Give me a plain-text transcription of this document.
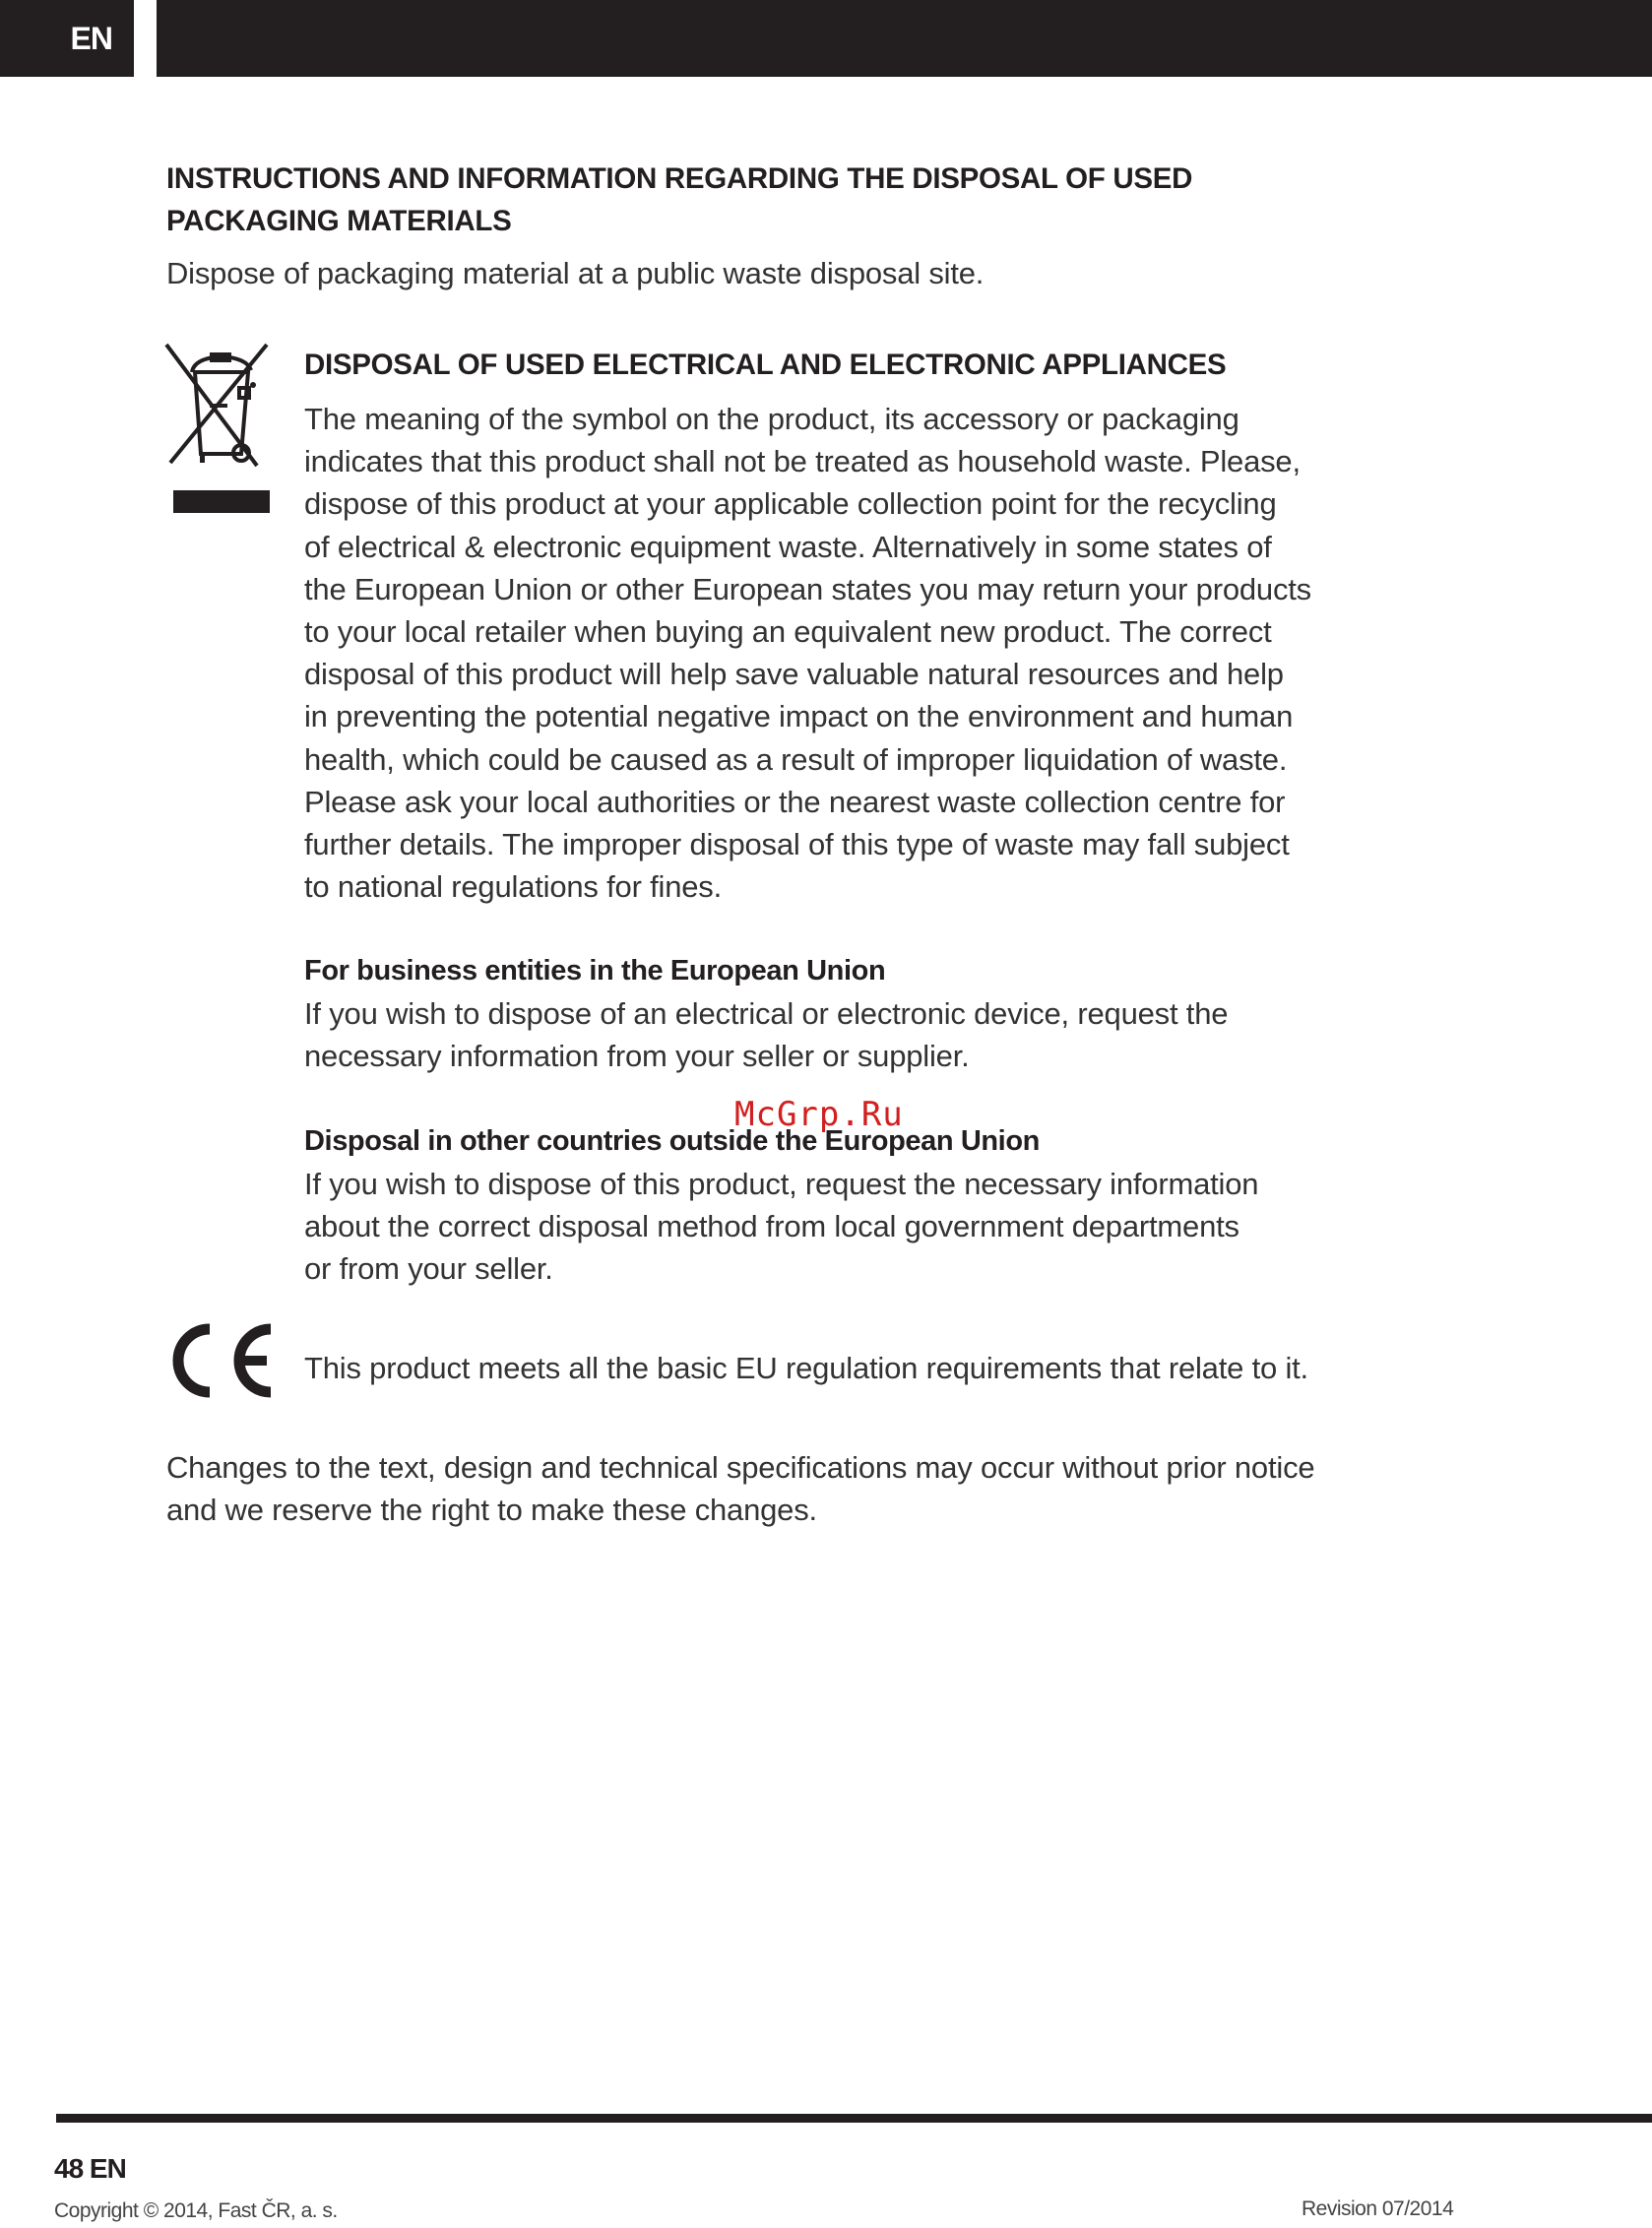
EN
INSTRUCTIONS AND INFORMATION REGARDING THE DISPOSAL OF USED
PACKAGING MATERIALS
Dispose of packaging material at a public waste disposal site.
DISPOSAL OF USED ELECTRICAL AND ELECTRONIC APPLIANCES
The meaning of the symbol on the product, its accessory or packaging
indicates that this product shall not be treated as household waste. Please,
dispose of this product at your applicable collection point for the recycling
of electrical & electronic equipment waste. Alternatively in some states of
the European Union or other European states you may return your products
to your local retailer when buying an equivalent new product. The correct
disposal of this product will help save valuable natural resources and help
in preventing the potential negative impact on the environment and human
health, which could be caused as a result of improper liquidation of waste.
Please ask your local authorities or the nearest waste collection centre for
further details. The improper disposal of this type of waste may fall subject
to national regulations for fines.
For business entities in the European Union
If you wish to dispose of an electrical or electronic device, request the
necessary information from your seller or supplier.
Disposal in other countries outside the European Union
If you wish to dispose of this product, request the necessary information
about the correct disposal method from local government departments
or from your seller.
McGrp.Ru
This product meets all the basic EU regulation requirements that relate to it.
Changes to the text, design and technical specifications may occur without prior notice
and we reserve the right to make these changes.
48 EN
Copyright © 2014, Fast ČR, a. s.	Revision 07/2014
